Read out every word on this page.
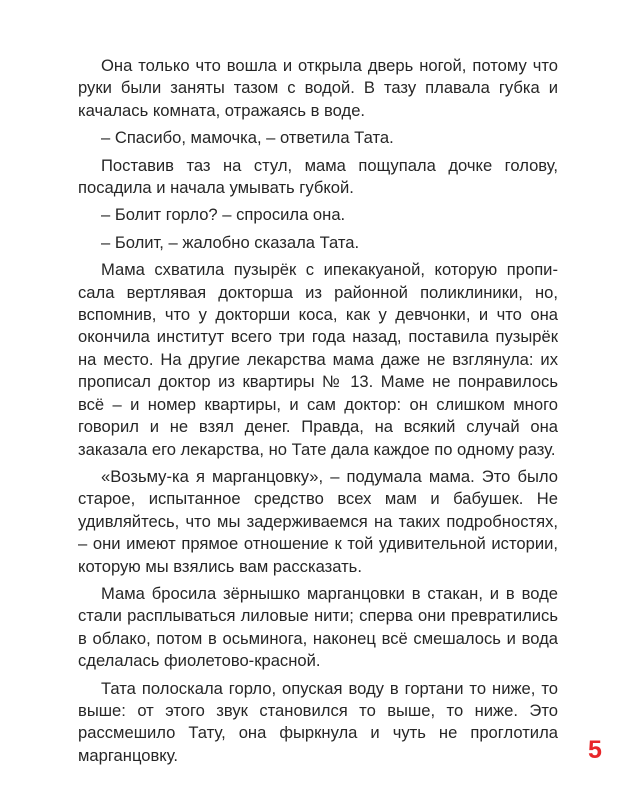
Она только что вошла и открыла дверь ногой, потому что руки были заняты тазом с водой. В тазу плавала губка и качалась комната, отражаясь в воде.

– Спасибо, мамочка, – ответила Тата.

Поставив таз на стул, мама пощупала дочке голову, посадила и начала умывать губкой.

– Болит горло? – спросила она.

– Болит, – жалобно сказала Тата.

Мама схватила пузырёк с ипекакуаной, которую прописала вертлявая докторша из районной поликлиники, но, вспомнив, что у докторши коса, как у девчонки, и что она окончила институт всего три года назад, поставила пузырёк на место. На другие лекарства мама даже не взглянула: их прописал доктор из квартиры № 13. Маме не понравилось всё – и номер квартиры, и сам доктор: он слишком много говорил и не взял денег. Правда, на всякий случай она заказала его лекарства, но Тате дала каждое по одному разу.

«Возьму-ка я марганцовку», – подумала мама. Это было старое, испытанное средство всех мам и бабушек. Не удивляйтесь, что мы задерживаемся на таких подробностях, – они имеют прямое отношение к той удивительной истории, которую мы взялись вам рассказать.

Мама бросила зёрнышко марганцовки в стакан, и в воде стали расплываться лиловые нити; сперва они превратились в облако, потом в осьминога, наконец всё смешалось и вода сделалась фиолетово-красной.

Тата полоскала горло, опуская воду в гортани то ниже, то выше: от этого звук становился то выше, то ниже. Это рассмешило Тату, она фыркнула и чуть не проглотила марганцовку.	5
